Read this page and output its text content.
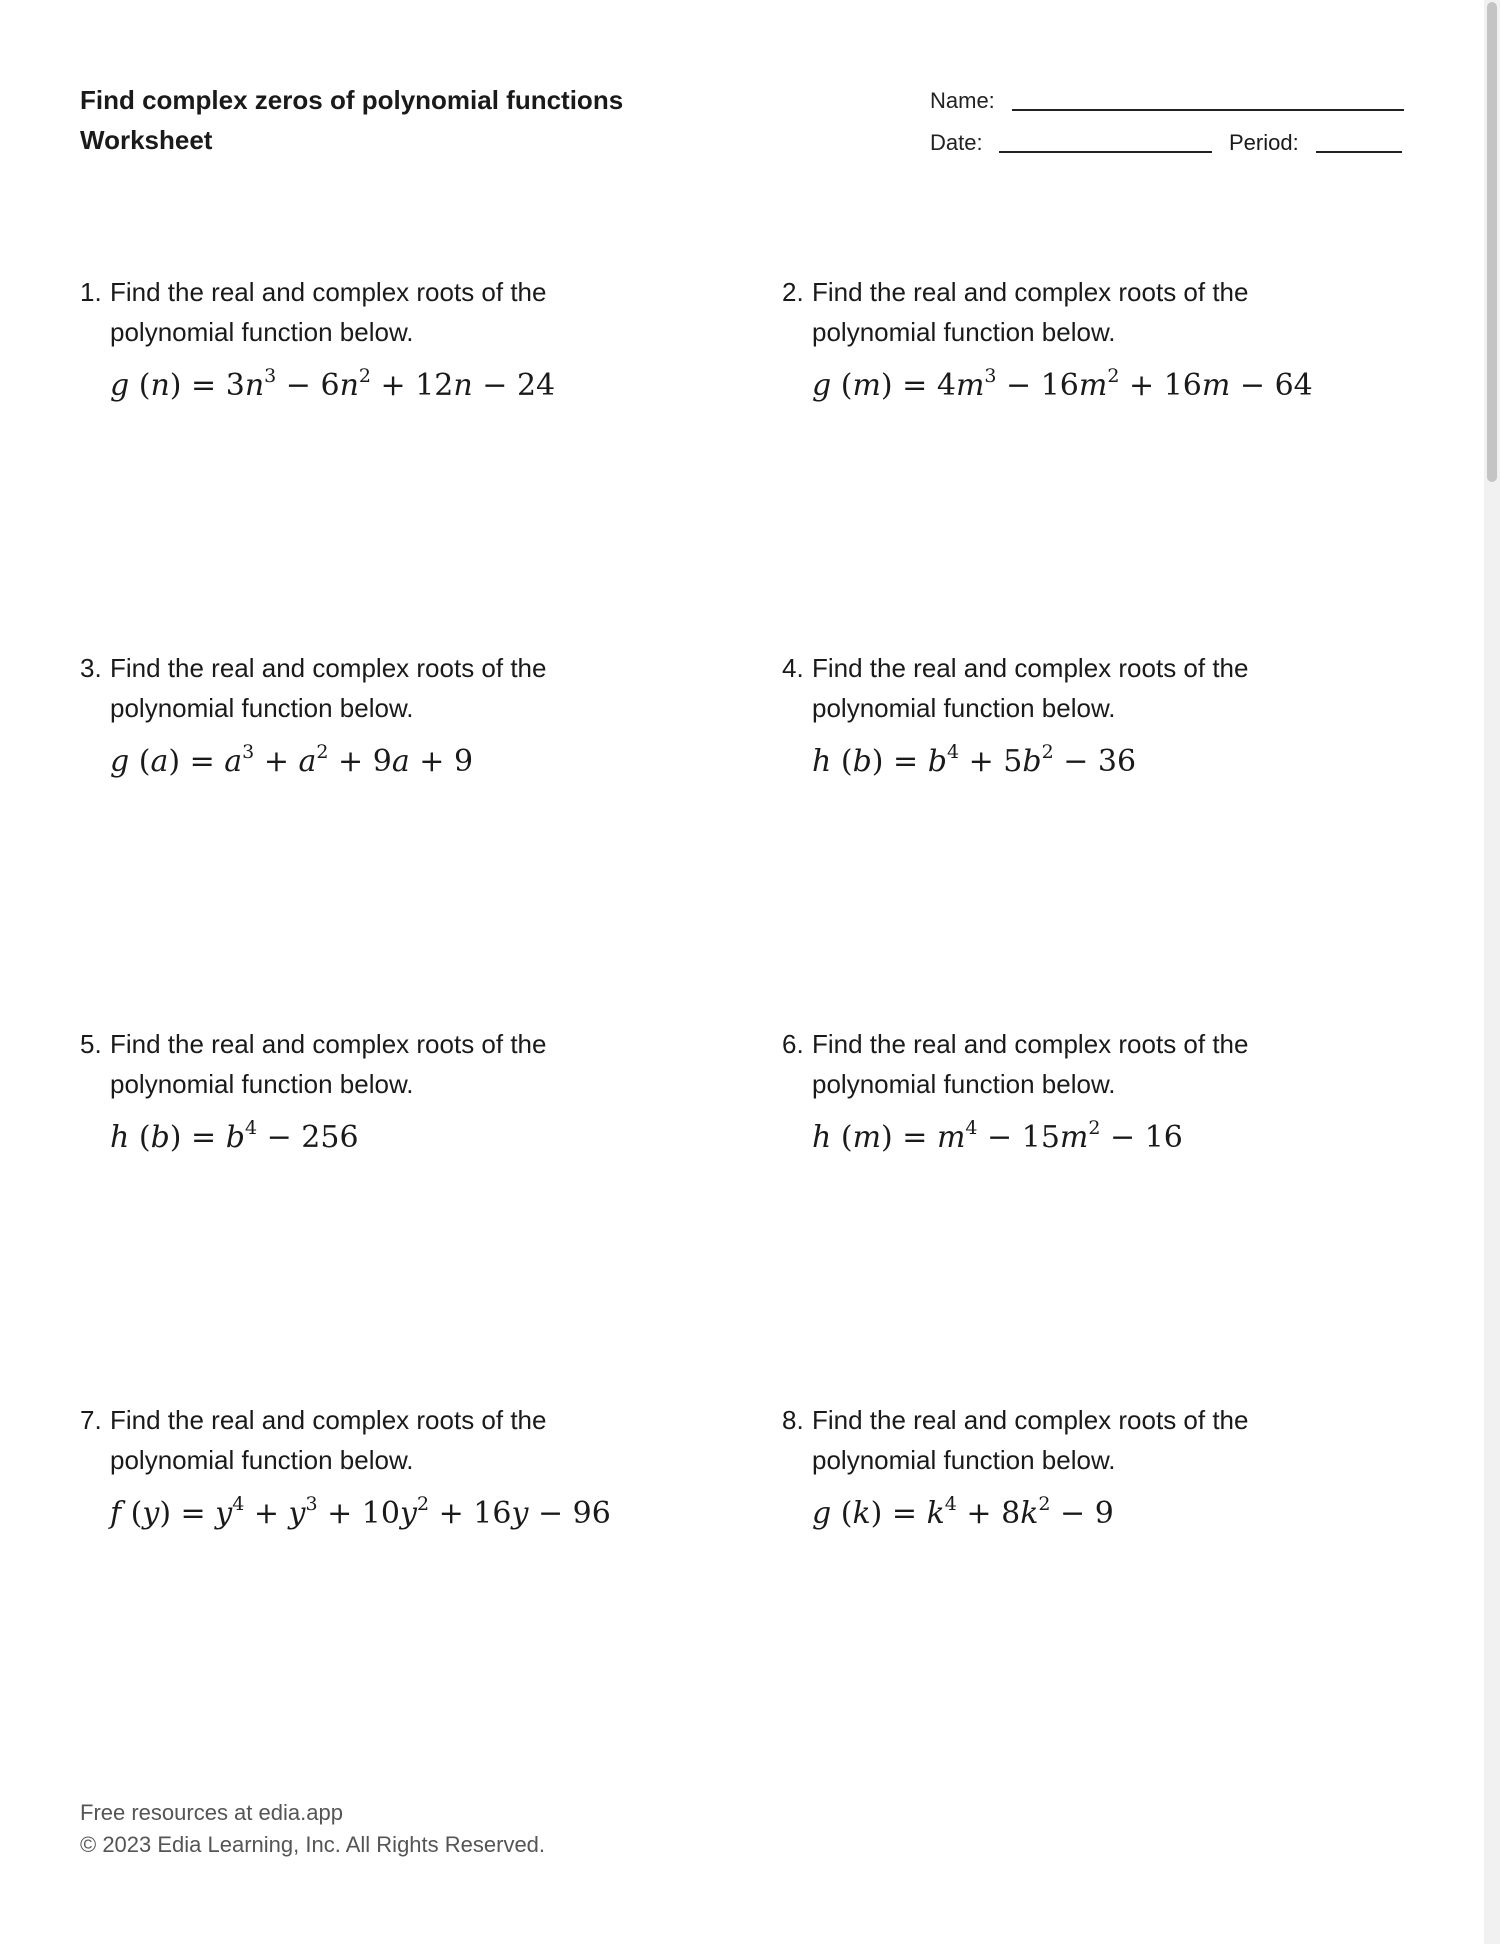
Find complex zeros of polynomial functions
Worksheet
Name:
Date:	Period:
1. Find the real and complex roots of the
polynomial function below.
g $(n) = 3n^3 - 6n^2 + 12n - 24$
2. Find the real and complex roots of the
polynomial function below.
g $(m) = 4m^3 - 16m^2 + 16m - 64$
3. Find the real and complex roots of the
polynomial function below.
g $(a) = a^3 + a^2 + 9a + 9$
4. Find the real and complex roots of the
polynomial function below.
h $(b) = b^4 + 5b^2 - 36$
5. Find the real and complex roots of the
polynomial function below.
h $(b) = b^4 - 256$
6. Find the real and complex roots of the
polynomial function below.
h $(m) = m^4 - 15m^2 - 16$
7. Find the real and complex roots of the
polynomial function below.
f $(y) = y^4 + y^3 + 10y^2 + 16y - 96$
8. Find the real and complex roots of the
polynomial function below.
g $(k) = k^4 + 8k^2 - 9$
Free resources at edia.app
© 2023 Edia Learning, Inc. All Rights Reserved.
